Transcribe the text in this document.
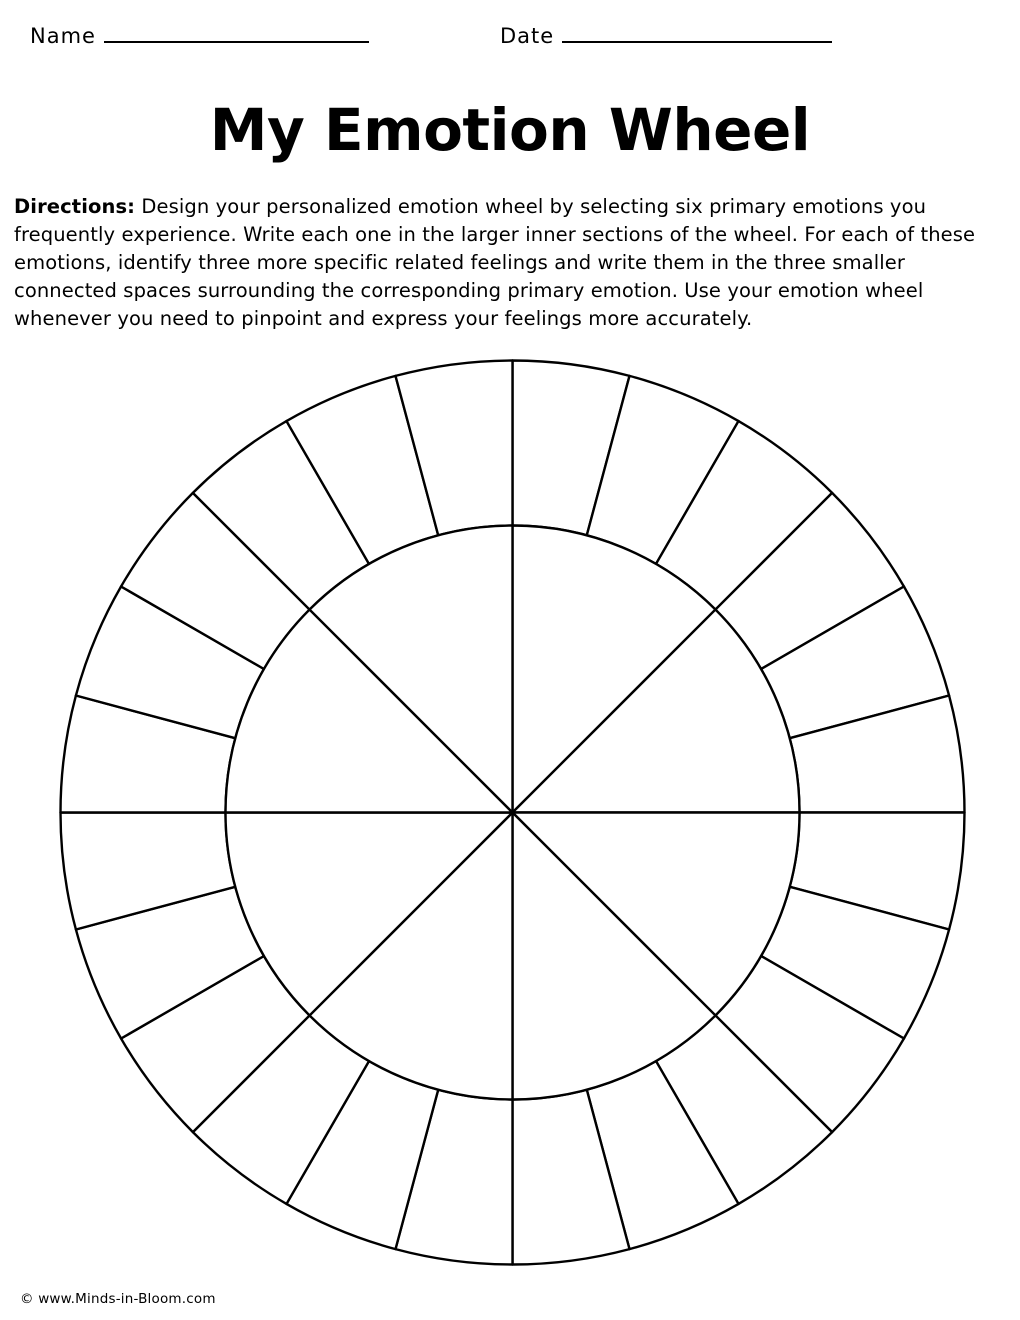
Name	Date
My Emotion Wheel
Directions: Design your personalized emotion wheel by selecting six primary emotions you frequently experience. Write each one in the larger inner sections of the wheel. For each of these emotions, identify three more specific related feelings and write them in the three smaller connected spaces surrounding the corresponding primary emotion. Use your emotion wheel whenever you need to pinpoint and express your feelings more accurately.
© www.Minds-in-Bloom.com
